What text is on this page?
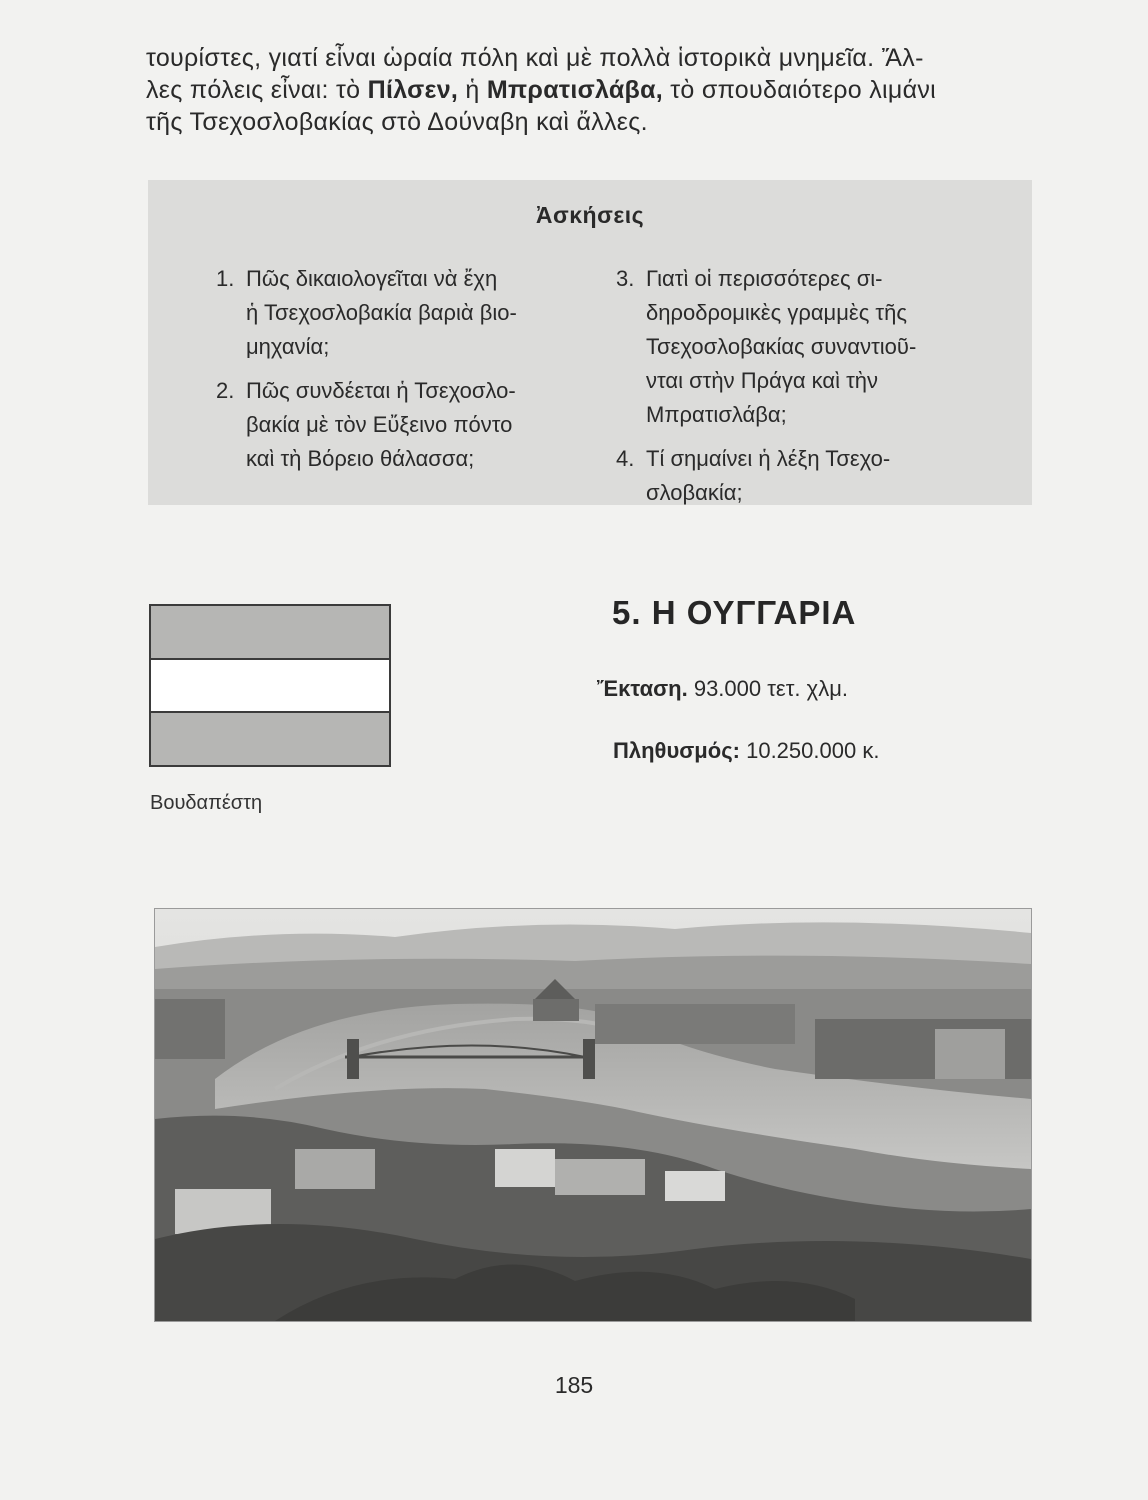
τουρίστες, γιατί εἶναι ὡραία πόλη καὶ μὲ πολλὰ ἱστορικὰ μνημεῖα. Ἄλ-
λες πόλεις εἶναι: τὸ Πίλσεν, ἡ Μπρατισλάβα, τὸ σπουδαιότερο λιμάνι
τῆς Τσεχοσλοβακίας στὸ Δούναβη καὶ ἄλλες.
Ἀσκήσεις
1. Πῶς δικαιολογεῖται νὰ ἔχη
ἡ Τσεχοσλοβακία βαριὰ βιο-
μηχανία;
2. Πῶς συνδέεται ἡ Τσεχοσλο-
βακία μὲ τὸν Εὔξεινο πόντο
καὶ τὴ Βόρειο θάλασσα;
3. Γιατὶ οἱ περισσότερες σι-
δηροδρομικὲς γραμμὲς τῆς
Τσεχοσλοβακίας συναντιοῦ-
νται στὴν Πράγα καὶ τὴν
Μπρατισλάβα;
4. Τί σημαίνει ἡ λέξη Τσεχο-
σλοβακία;
5. Η ΟΥΓΓΑΡΙΑ
Ἔκταση. 93.000 τετ. χλμ.
Πληθυσμός: 10.250.000 κ.
Βουδαπέστη
185
